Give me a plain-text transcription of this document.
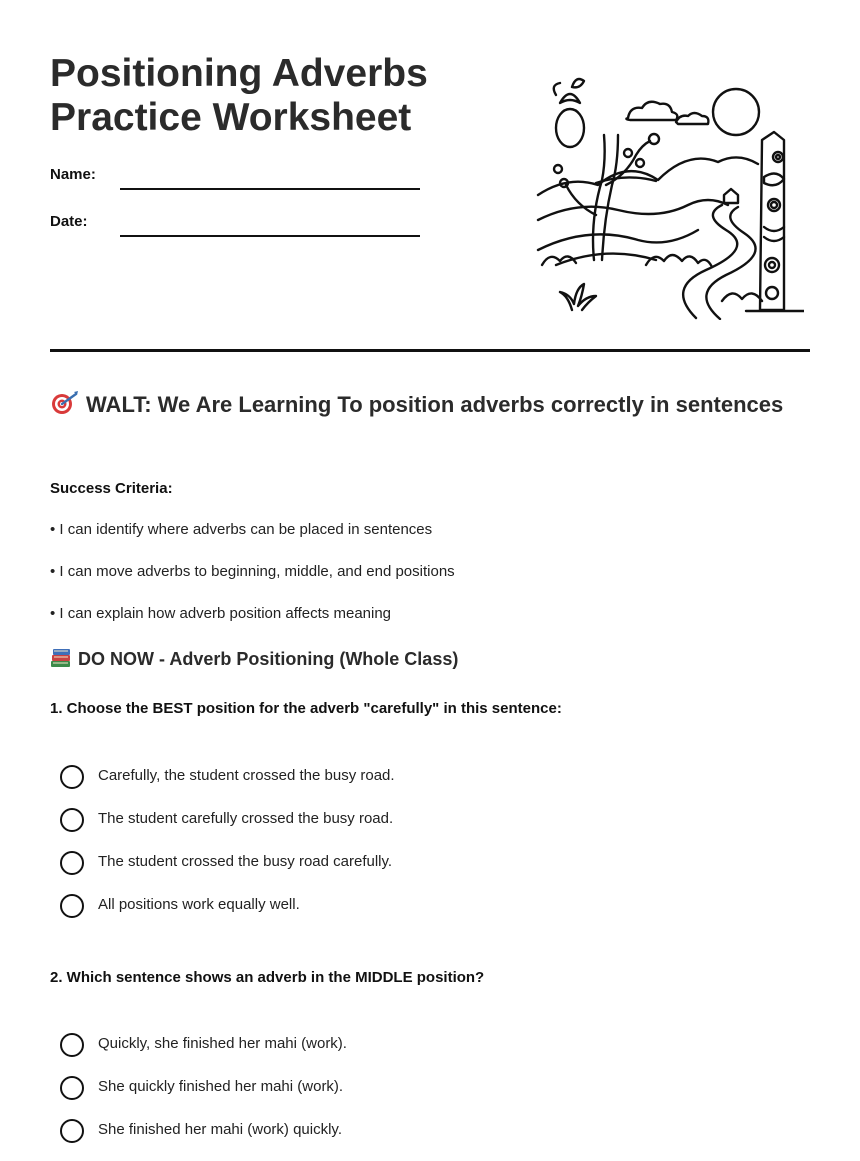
Positioning Adverbs
Practice Worksheet
Name:
Date:
WALT: We Are Learning To position adverbs correctly in sentences
Success Criteria:
• I can identify where adverbs can be placed in sentences
• I can move adverbs to beginning, middle, and end positions
• I can explain how adverb position affects meaning
DO NOW - Adverb Positioning (Whole Class)
1. Choose the BEST position for the adverb "carefully" in this sentence:
Carefully, the student crossed the busy road.
The student carefully crossed the busy road.
The student crossed the busy road carefully.
All positions work equally well.
2. Which sentence shows an adverb in the MIDDLE position?
Quickly, she finished her mahi (work).
She quickly finished her mahi (work).
She finished her mahi (work) quickly.
